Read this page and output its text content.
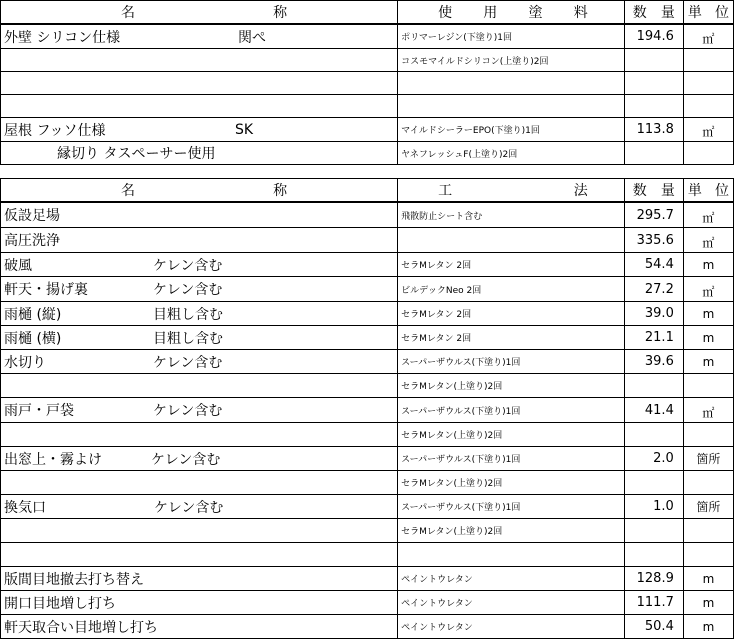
名 称	使 用 塗 料	数 量	単 位

外壁 シリコン仕様 関ぺ	ポリマーレジン(下塗り)1回	194.6	㎡

	コスモマイルドシリコン(上塗り)2回		

屋根 フッソ仕様 SK	マイルドシーラーEPO(下塗り)1回	113.8	㎡

縁切り タスペーサー使用	ヤネフレッシュF(上塗り)2回		
名 称	工 法	数 量	単 位

仮設足場	飛散防止シート含む	295.7	㎡

高圧洗浄		335.6	㎡

破風 ケレン含む	セラMレタン 2回	54.4	m

軒天・揚げ裏 ケレン含む	ビルデックNeo 2回	27.2	㎡

雨樋 (縦) 目粗し含む	セラMレタン 2回	39.0	m

雨樋 (横) 目粗し含む	セラMレタン 2回	21.1	m

水切り ケレン含む	スーパーザウルス(下塗り)1回	39.6	m

	セラMレタン(上塗り)2回		

雨戸・戸袋 ケレン含む	スーパーザウルス(下塗り)1回	41.4	㎡

	セラMレタン(上塗り)2回		

出窓上・霧よけ ケレン含む	スーパーザウルス(下塗り)1回	2.0	箇所

	セラMレタン(上塗り)2回		

換気口 ケレン含む	スーパーザウルス(下塗り)1回	1.0	箇所

	セラMレタン(上塗り)2回		

版間目地撤去打ち替え	ペイントウレタン	128.9	m

開口目地増し打ち	ペイントウレタン	111.7	m

軒天取合い目地増し打ち	ペイントウレタン	50.4	m
